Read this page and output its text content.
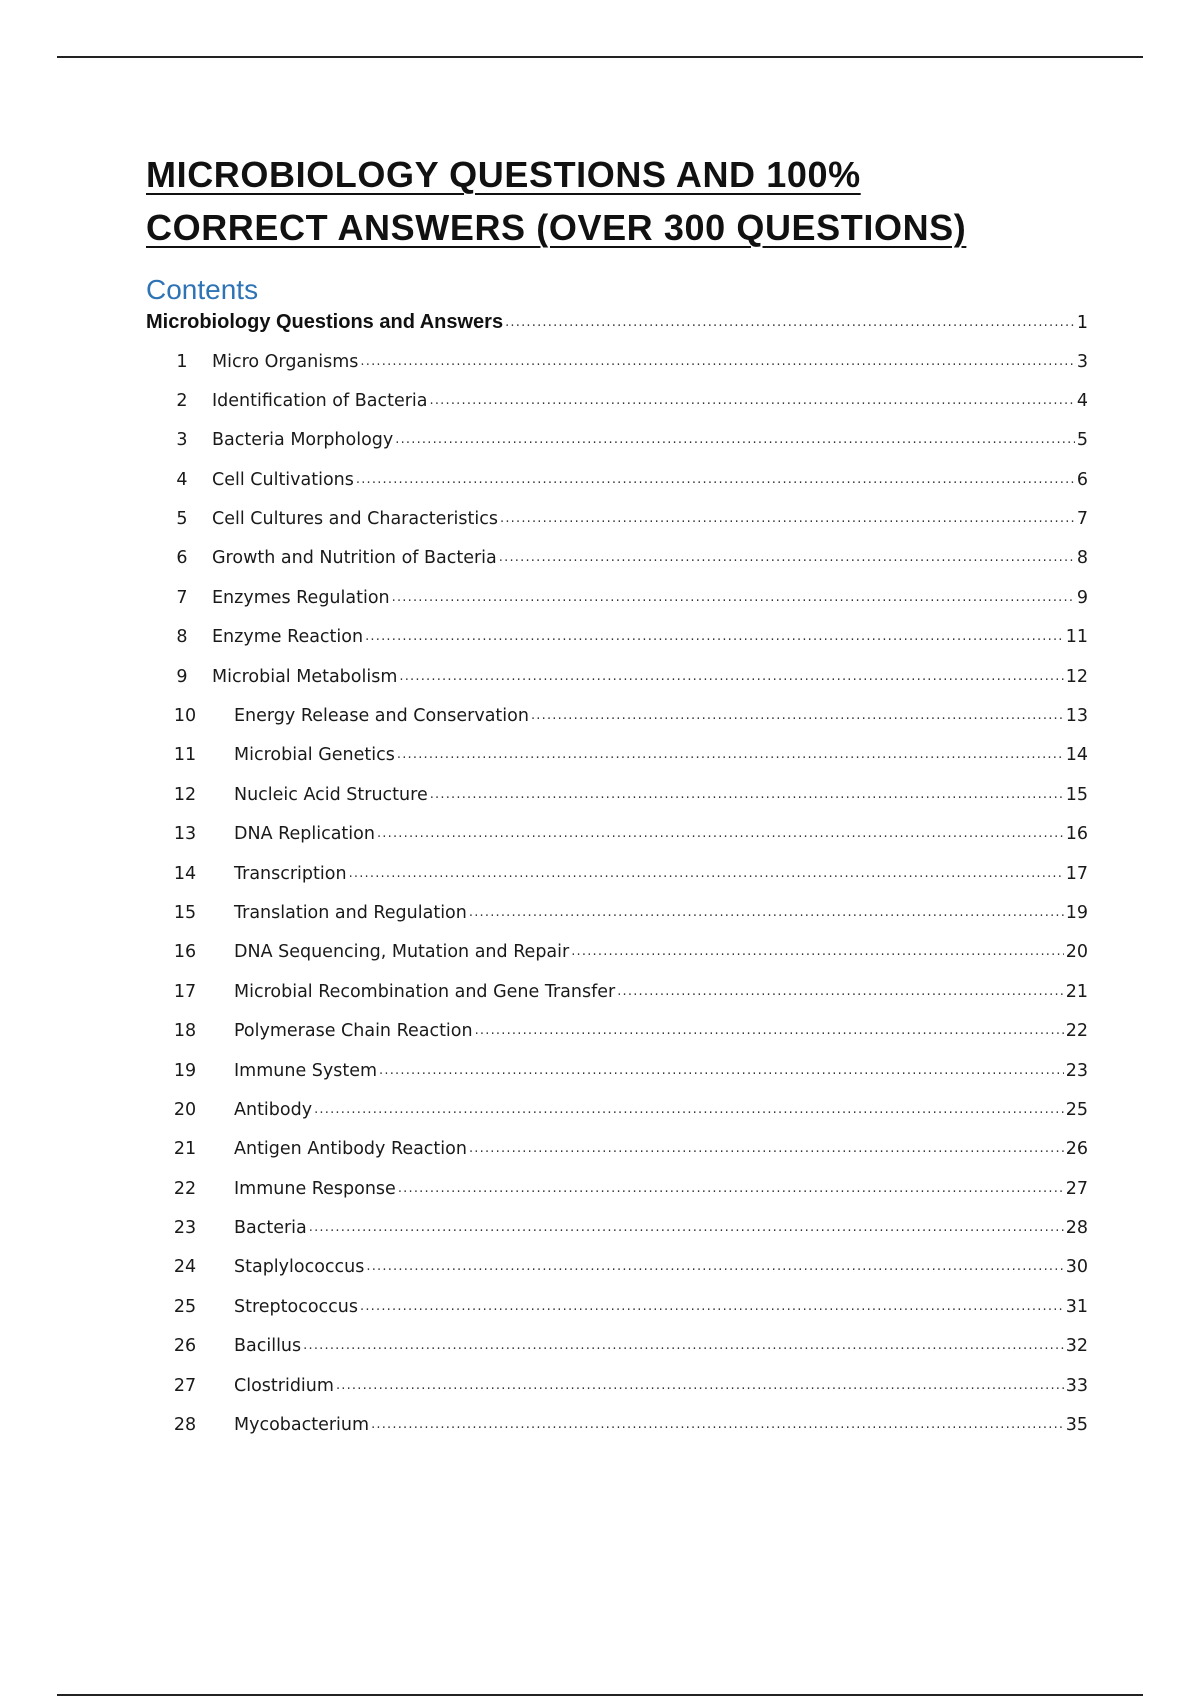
MICROBIOLOGY QUESTIONS AND 100%
CORRECT ANSWERS (OVER 300 QUESTIONS)
Contents
Microbiology Questions and Answers .....	1
1	Micro Organisms .....	3
2	Identification of Bacteria .....	4
3	Bacteria Morphology .....	5
4	Cell Cultivations .....	6
5	Cell Cultures and Characteristics .....	7
6	Growth and Nutrition of Bacteria .....	8
7	Enzymes Regulation .....	9
8	Enzyme Reaction .....	11
9	Microbial Metabolism .....	12
10	Energy Release and Conservation .....	13
11	Microbial Genetics .....	14
12	Nucleic Acid Structure .....	15
13	DNA Replication .....	16
14	Transcription .....	17
15	Translation and Regulation .....	19
16	DNA Sequencing, Mutation and Repair .....	20
17	Microbial Recombination and Gene Transfer .....	21
18	Polymerase Chain Reaction .....	22
19	Immune System .....	23
20	Antibody .....	25
21	Antigen Antibody Reaction .....	26
22	Immune Response .....	27
23	Bacteria .....	28
24	Staplylococcus .....	30
25	Streptococcus .....	31
26	Bacillus .....	32
27	Clostridium .....	33
28	Mycobacterium .....	35
